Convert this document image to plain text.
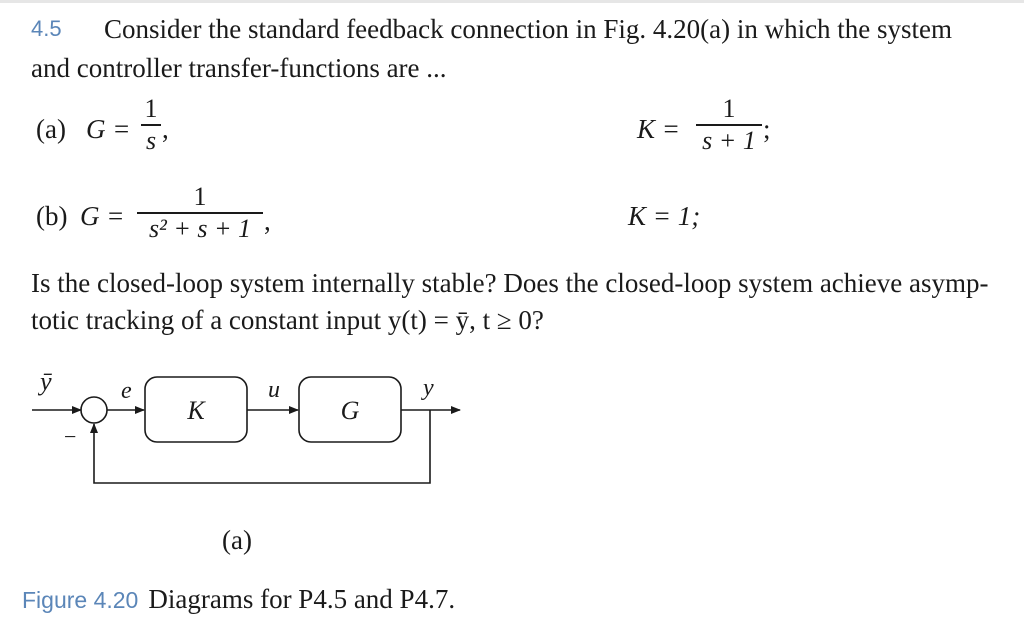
4.5 Consider the standard feedback connection in Fig. 4.20(a) in which the system
and controller transfer-functions are ...
(a) G =
1
s ,	K =
1
s + 1 ;
(b) G =
1
s² + s + 1 ,	K = 1;
Is the closed-loop system internally stable? Does the closed-loop system achieve asymp-
totic tracking of a constant input y(t) = ȳ, t ≥ 0?
ȳ	e
−
K
u
G
y
(a)
Figure 4.20 Diagrams for P4.5 and P4.7.
